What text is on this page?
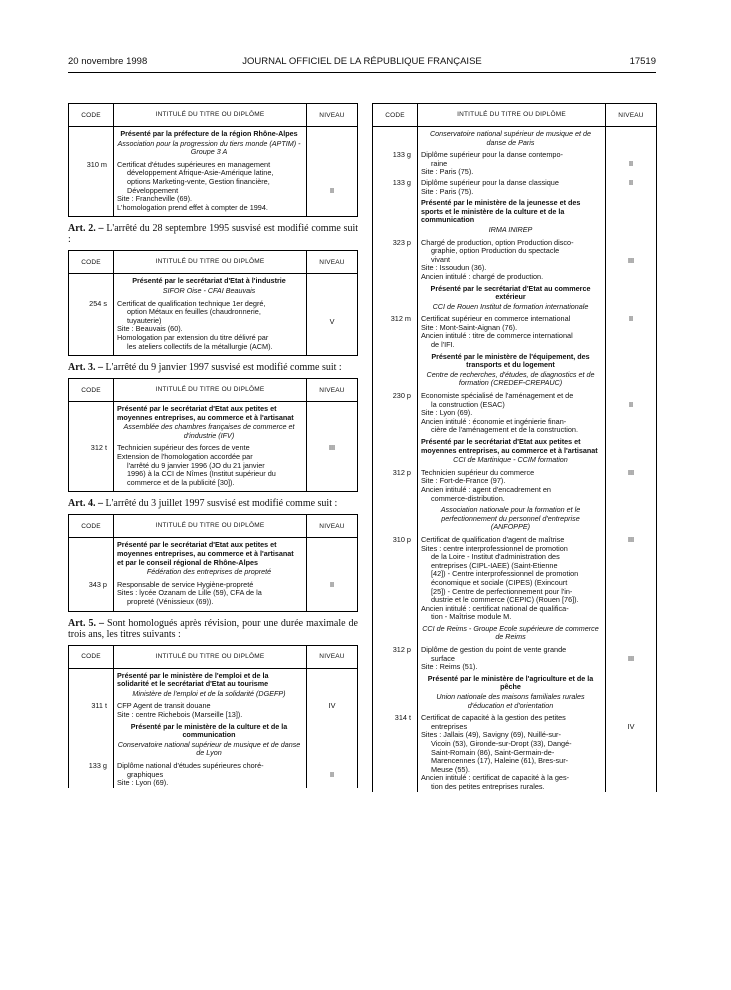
20 novembre 1998	JOURNAL OFFICIEL DE LA RÉPUBLIQUE FRANÇAISE	17519
CODE	INTITULÉ DU TITRE OU DIPLÔME	NIVEAU
Présenté par la préfecture de la région Rhône-Alpes
Association pour la progression du tiers monde (APTIM) - Groupe 3 A
310 m	Certificat d'études supérieures en management
développement Afrique-Asie-Amérique latine,
options Marketing-vente, Gestion financière,
Développement
Site : Francheville (69).
L'homologation prend effet à compter de 1994.
II
Art. 2. – L'arrêté du 28 septembre 1995 susvisé est modifié comme suit :
CODE	INTITULÉ DU TITRE OU DIPLÔME	NIVEAU
Présenté par le secrétariat d'Etat à l'industrie
SIFOR Oise - CFAI Beauvais
254 s	Certificat de qualification technique 1er degré,
option Métaux en feuilles (chaudronnerie,
tuyauterie)
Site : Beauvais (60).
Homologation par extension du titre délivré par
les ateliers collectifs de la métallurgie (ACM).
V
Art. 3. – L'arrêté du 9 janvier 1997 susvisé est modifié comme suit :
CODE	INTITULÉ DU TITRE OU DIPLÔME	NIVEAU
Présenté par le secrétariat d'Etat aux petites et moyennes entreprises, au commerce et à l'artisanat
Assemblée des chambres françaises de commerce et d'industrie (IFV)
312 t	Technicien supérieur des forces de vente
Extension de l'homologation accordée par
l'arrêté du 9 janvier 1996 (JO du 21 janvier
1996) à la CCI de Nîmes (Institut supérieur du
commerce et de la publicité [30]).
III
Art. 4. – L'arrêté du 3 juillet 1997 susvisé est modifié comme suit :
CODE	INTITULÉ DU TITRE OU DIPLÔME	NIVEAU
Présenté par le secrétariat d'Etat aux petites et moyennes entreprises, au commerce et à l'artisanat et par le conseil régional de Rhône-Alpes
Fédération des entreprises de propreté
343 p	Responsable de service Hygiène-propreté
Sites : lycée Ozanam de Lille (59), CFA de la
propreté (Vénissieux (69)).
II
Art. 5. – Sont homologués après révision, pour une durée maximale de trois ans, les titres suivants :
CODE	INTITULÉ DU TITRE OU DIPLÔME	NIVEAU
Présenté par le ministère de l'emploi et de la solidarité et le secrétariat d'Etat au tourisme
Ministère de l'emploi et de la solidarité (DGEFP)
311 t	CFP Agent de transit douane
Site : centre Richebois (Marseille [13]).
IV
Présenté par le ministère de la culture et de la communication
Conservatoire national supérieur de musique et de danse de Lyon
133 g	Diplôme national d'études supérieures choré-
graphiques
Site : Lyon (69).
II
CODE	INTITULÉ DU TITRE OU DIPLÔME	NIVEAU
Conservatoire national supérieur de musique et de danse de Paris
133 g	Diplôme supérieur pour la danse contempo-
raine
Site : Paris (75).
II
133 g	Diplôme supérieur pour la danse classique
Site : Paris (75).
II
Présenté par le ministère de la jeunesse et des sports et le ministère de la culture et de la communication
IRMA INIREP
323 p	Chargé de production, option Production disco-
graphie, option Production du spectacle
vivant
Site : Issoudun (36).
Ancien intitulé : chargé de production.
III
Présenté par le secrétariat d'Etat au commerce extérieur
CCI de Rouen Institut de formation internationale
312 m	Certificat supérieur en commerce international
Site : Mont-Saint-Aignan (76).
Ancien intitulé : titre de commerce international
de l'IFI.
II
Présenté par le ministère de l'équipement, des transports et du logement
Centre de recherches, d'études, de diagnostics et de formation (CREDEF-CREPAUC)
230 p	Economiste spécialisé de l'aménagement et de
la construction (ESAC)
Site : Lyon (69).
Ancien intitulé : économie et ingénierie finan-
cière de l'aménagement et de la construction.
II
Présenté par le secrétariat d'Etat aux petites et moyennes entreprises, au commerce et à l'artisanat
CCI de Martinique - CCIM formation
312 p	Technicien supérieur du commerce
Site : Fort-de-France (97).
Ancien intitulé : agent d'encadrement en
commerce-distribution.
III
Association nationale pour la formation et le perfectionnement du personnel d'entreprise (ANFOPPE)
310 p	Certificat de qualification d'agent de maîtrise
Sites : centre interprofessionnel de promotion
de la Loire - Institut d'administration des
entreprises (CIPL-IAEE) (Saint-Etienne
[42]) - Centre interprofessionnel de promotion
économique et sociale (CIPES) (Exincourt
[25]) - Centre de perfectionnement pour l'in-
dustrie et le commerce (CEPIC) (Rouen [76]).
Ancien intitulé : certificat national de qualifica-
tion - Maîtrise module M.
III
CCI de Reims - Groupe Ecole supérieure de commerce de Reims
312 p	Diplôme de gestion du point de vente grande
surface
Site : Reims (51).
III
Présenté par le ministère de l'agriculture et de la pêche
Union nationale des maisons familiales rurales d'éducation et d'orientation
314 t	Certificat de capacité à la gestion des petites
entreprises
Sites : Jallais (49), Savigny (69), Nuillé-sur-
Vicoin (53), Gironde-sur-Dropt (33), Dangé-
Saint-Romain (86), Saint-Germain-de-
Marencennes (17), Haleine (61), Bres-sur-
Meuse (55).
Ancien intitulé : certificat de capacité à la ges-
tion des petites entreprises rurales.
IV
